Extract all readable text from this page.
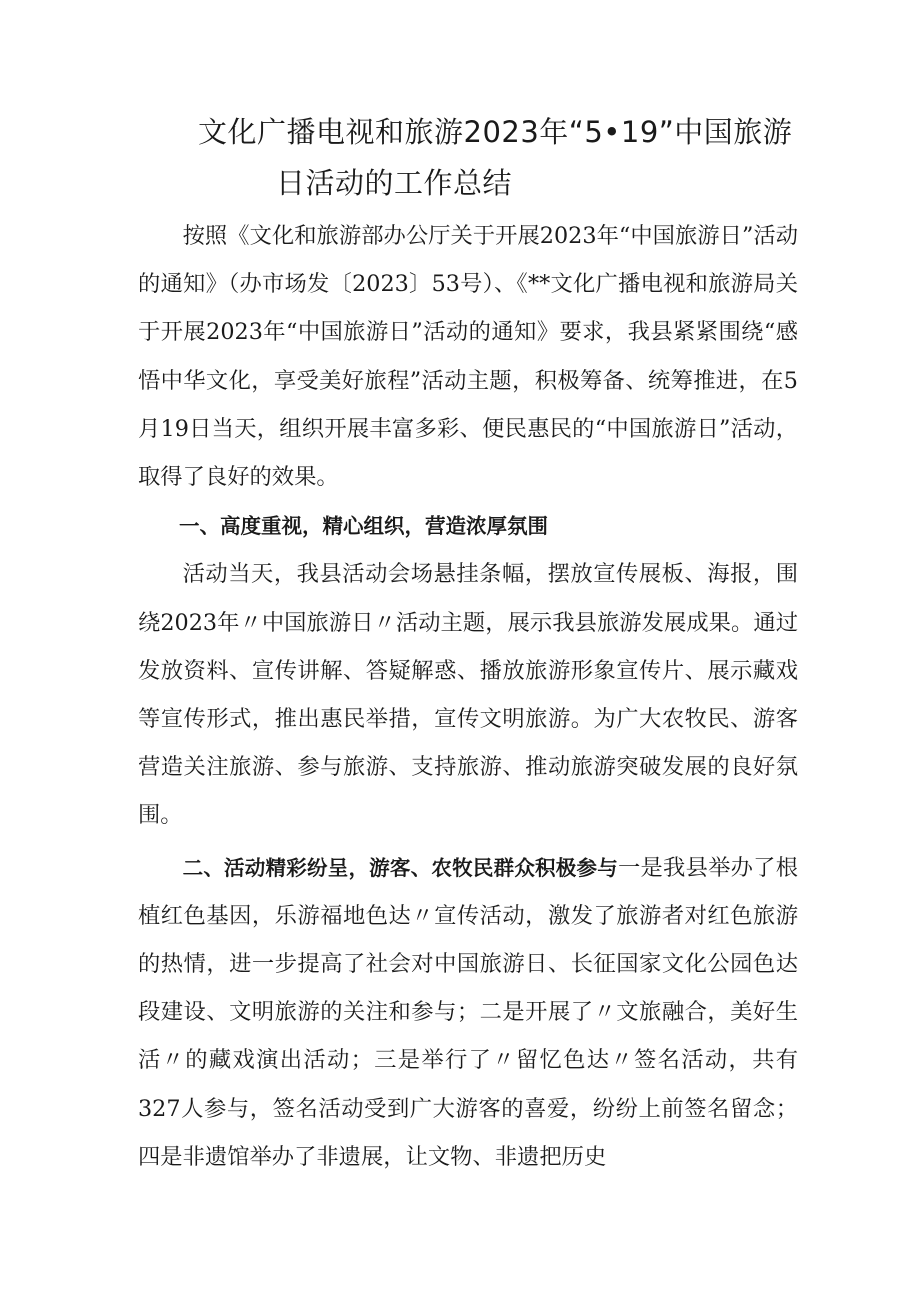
文化广播电视和旅游2023年“5•19”中国旅游
日活动的工作总结

按照《文化和旅游部办公厅关于开展2023年“中国旅游日”活动的通知》（办市场发〔2023〕53号）、《**文化广播电视和旅游局关于开展2023年“中国旅游日”活动的通知》要求，我县紧紧围绕“感悟中华文化，享受美好旅程”活动主题，积极筹备、统筹推进，在5月19日当天，组织开展丰富多彩、便民惠民的“中国旅游日”活动，取得了良好的效果。

一、高度重视，精心组织，营造浓厚氛围

活动当天，我县活动会场悬挂条幅，摆放宣传展板、海报，围绕2023年〃中国旅游日〃活动主题，展示我县旅游发展成果。通过发放资料、宣传讲解、答疑解惑、播放旅游形象宣传片、展示藏戏等宣传形式，推出惠民举措，宣传文明旅游。为广大农牧民、游客营造关注旅游、参与旅游、支持旅游、推动旅游突破发展的良好氛围。

二、活动精彩纷呈，游客、农牧民群众积极参与一是我县举办了根植红色基因，乐游福地色达〃宣传活动，激发了旅游者对红色旅游的热情，进一步提高了社会对中国旅游日、长征国家文化公园色达段建设、文明旅游的关注和参与；二是开展了〃文旅融合，美好生活〃的藏戏演出活动；三是举行了〃留忆色达〃签名活动，共有327人参与，签名活动受到广大游客的喜爱，纷纷上前签名留念；四是非遗馆举办了非遗展，让文物、非遗把历史
